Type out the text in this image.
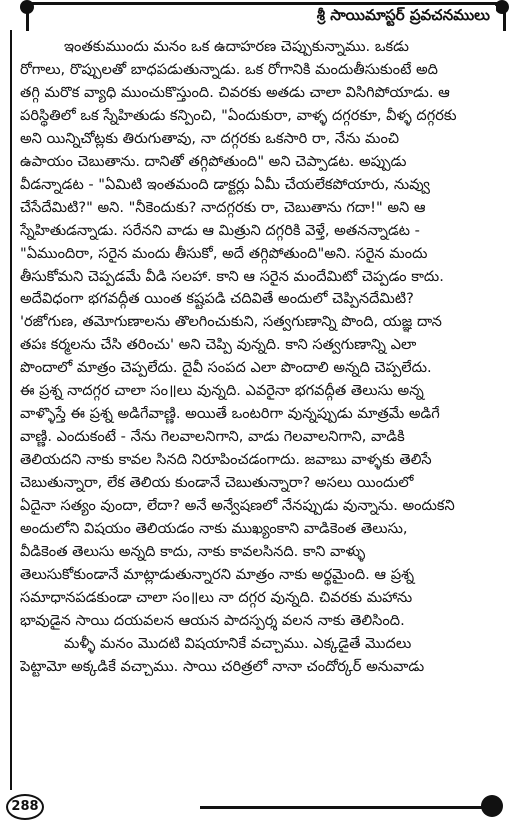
శ్రీ సాయిమాస్టర్ ప్రవచనములు
ఇంతకుముందు మనం ఒక ఉదాహరణ చెప్పుకున్నాము. ఒకడు
రోగాలు, రొప్పులతో బాధపడుతున్నాడు. ఒక రోగానికి మందుతీసుకుంటే అది
తగ్గి మరొక వ్యాధి ముంచుకొస్తుంది. చివరకు అతడు చాలా విసిగిపోయాడు. ఆ
పరిస్థితిలో ఒక స్నేహితుడు కన్పించి, "ఏందుకురా, వాళ్ళ దగ్గరకూ, వీళ్ళ దగ్గరకు
అని యిన్నిచోట్లకు తిరుగుతావు, నా దగ్గరకు ఒకసారి రా, నేను మంచి
ఉపాయం చెబుతాను. దానితో తగ్గిపోతుంది" అని చెప్పాడట. అప్పుడు
వీడన్నాడట - "ఏమిటి ఇంతమంది డాక్టర్లు ఏమీ చేయలేకపోయారు, నువ్వు
చేసేదేమిటి?" అని. "నీకెందుకు? నాదగ్గరకు రా, చెబుతాను గదా!" అని ఆ
స్నేహితుడన్నాడు. సరేనని వాడు ఆ మిత్రుని దగ్గరికి వెళ్తే, అతనన్నాడట -
"ఏముందిరా, సరైన మందు తీసుకో, అదే తగ్గిపోతుంది"అని. సరైన మందు
తీసుకోమని చెప్పడమే వీడి సలహా. కాని ఆ సరైన మందేమిటో చెప్పడం కాదు.
అదేవిధంగా భగవద్గీత యింత కష్టపడి చదివితే అందులో చెప్పినదేమిటి?
'రజోగుణ, తమోగుణాలను తొలగించుకుని, సత్వగుణాన్ని పొంది, యజ్ఞ దాన
తపః కర్మలను చేసి తరించు' అని చెప్పి వున్నది. కాని సత్వగుణాన్ని ఎలా
పొందాలో మాత్రం చెప్పలేదు. దైవీ సంపద ఎలా పొందాలి అన్నది చెప్పలేదు.
ఈ ప్రశ్న నాదగ్గర చాలా సం॥లు వున్నది. ఎవరైనా భగవద్గీత తెలుసు అన్న
వాళ్ళొస్తే ఈ ప్రశ్న అడిగేవాణ్ణి. అయితే ఒంటరిగా వున్నప్పుడు మాత్రమే అడిగే
వాణ్ణి. ఎందుకంటే - నేను గెలవాలనిగాని, వాడు గెలవాలనిగాని, వాడికి
తెలియదని నాకు కావల సినది నిరూపించడంగాదు. జవాబు వాళ్ళకు తెలిసే
చెబుతున్నారా, లేక తెలియ కుండానే చెబుతున్నారా? అసలు యిందులో
ఏదైనా సత్యం వుందా, లేదా? అనే అన్వేషణలో నేనప్పుడు వున్నాను. అందుకని
అందులోని విషయం తెలియడం నాకు ముఖ్యంకాని వాడికెంత తెలుసు,
వీడికెంత తెలుసు అన్నది కాదు, నాకు కావలసినది. కాని వాళ్ళు
తెలుసుకోకుండానే మాట్లాడుతున్నారని మాత్రం నాకు అర్థమైంది. ఆ ప్రశ్న
సమాధానపడకుండా చాలా సం॥లు నా దగ్గర వున్నది. చివరకు మహాను
భావుడైన సాయి దయవలన ఆయన పాదస్పర్శ వలన నాకు తెలిసింది.
మళ్ళీ మనం మొదటి విషయానికే వచ్చాము. ఎక్కడైతే మొదలు
పెట్టామో అక్కడికే వచ్చాము. సాయి చరిత్రలో నానా చందోర్కర్ అనువాడు
288
